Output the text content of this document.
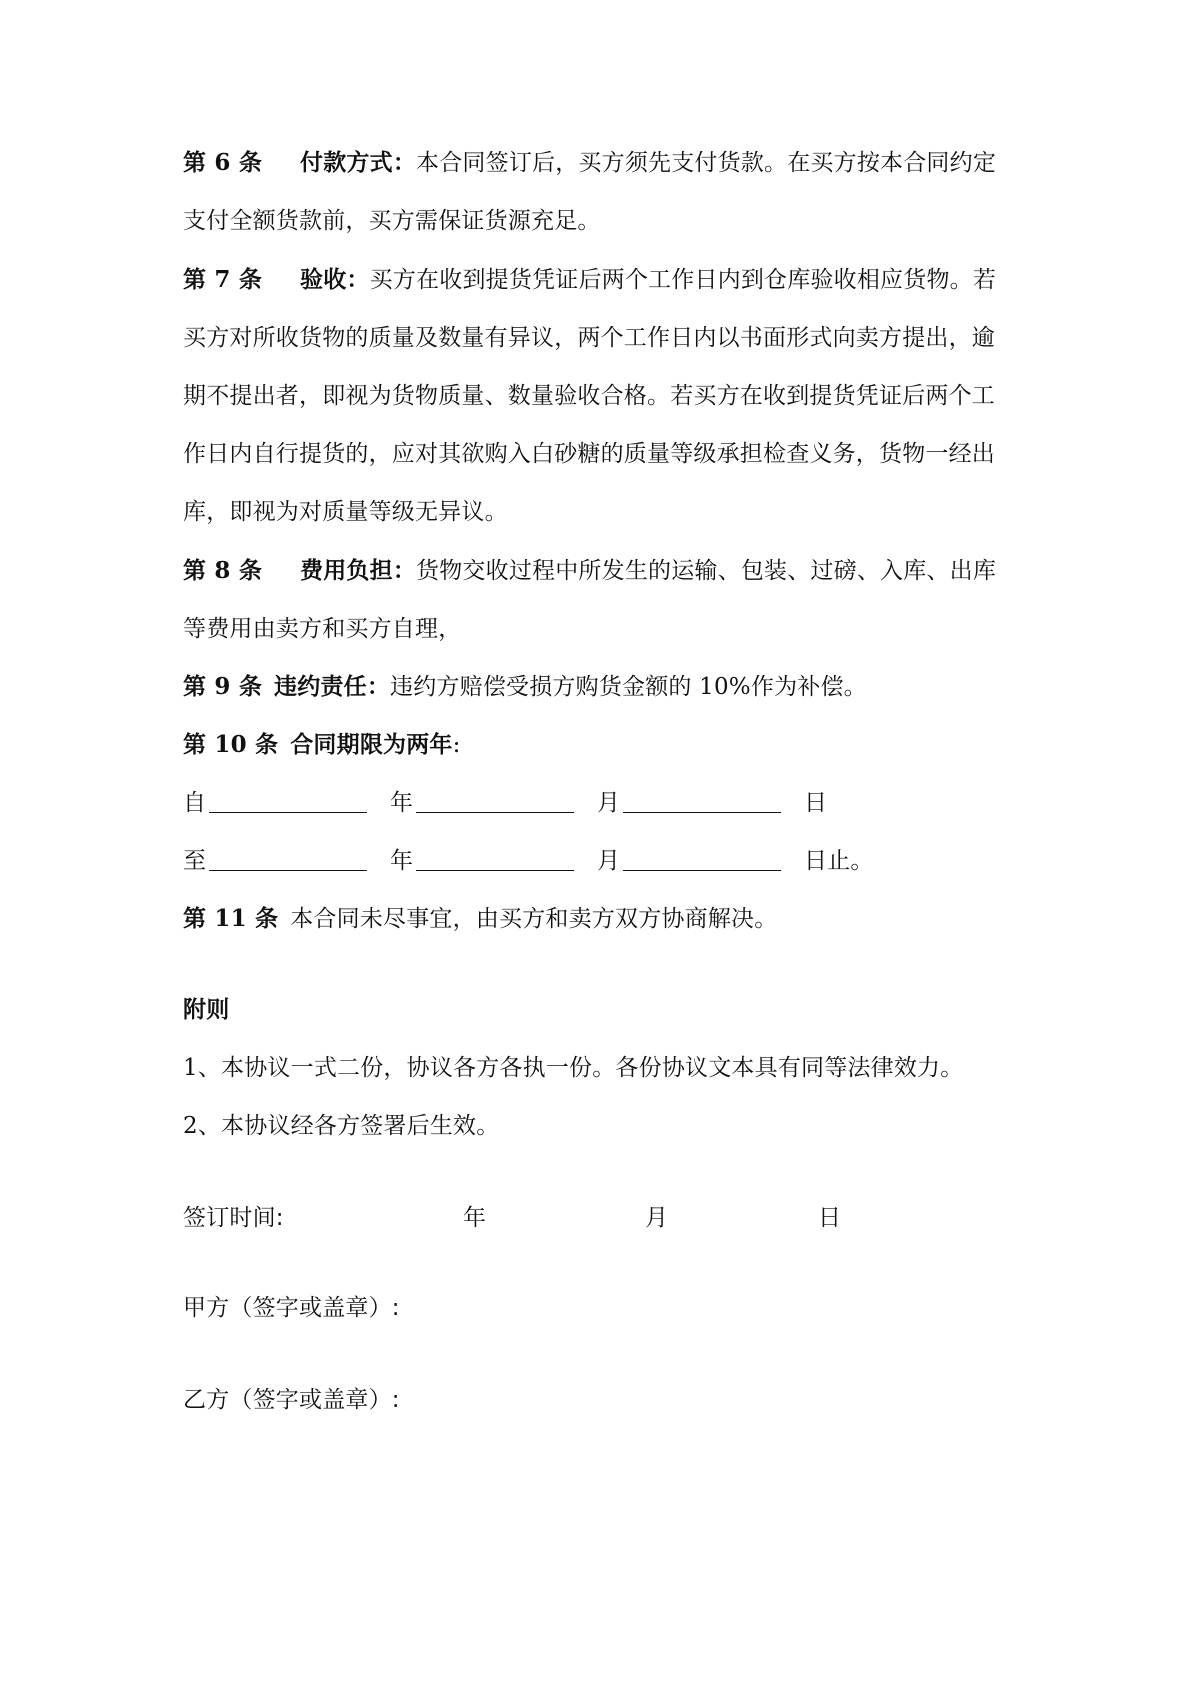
第 6 条 付款方式：本合同签订后，买方须先支付货款。在买方按本合同约定
支付全额货款前，买方需保证货源充足。
第 7 条 验收：买方在收到提货凭证后两个工作日内到仓库验收相应货物。若
买方对所收货物的质量及数量有异议，两个工作日内以书面形式向卖方提出，逾
期不提出者，即视为货物质量、数量验收合格。若买方在收到提货凭证后两个工
作日内自行提货的，应对其欲购入白砂糖的质量等级承担检查义务，货物一经出
库，即视为对质量等级无异议。
第 8 条 费用负担：货物交收过程中所发生的运输、包装、过磅、入库、出库
等费用由卖方和买方自理，
第 9 条 违约责任：违约方赔偿受损方购货金额的 10%作为补偿。
第 10 条 合同期限为两年:
自	年	月	日
至	年	月	日止。
第 11 条 本合同未尽事宜，由买方和卖方双方协商解决。
附则
1、本协议一式二份，协议各方各执一份。各份协议文本具有同等法律效力。
2、本协议经各方签署后生效。
签订时间:	年	月	日
甲方（签字或盖章）:
乙方（签字或盖章）:
